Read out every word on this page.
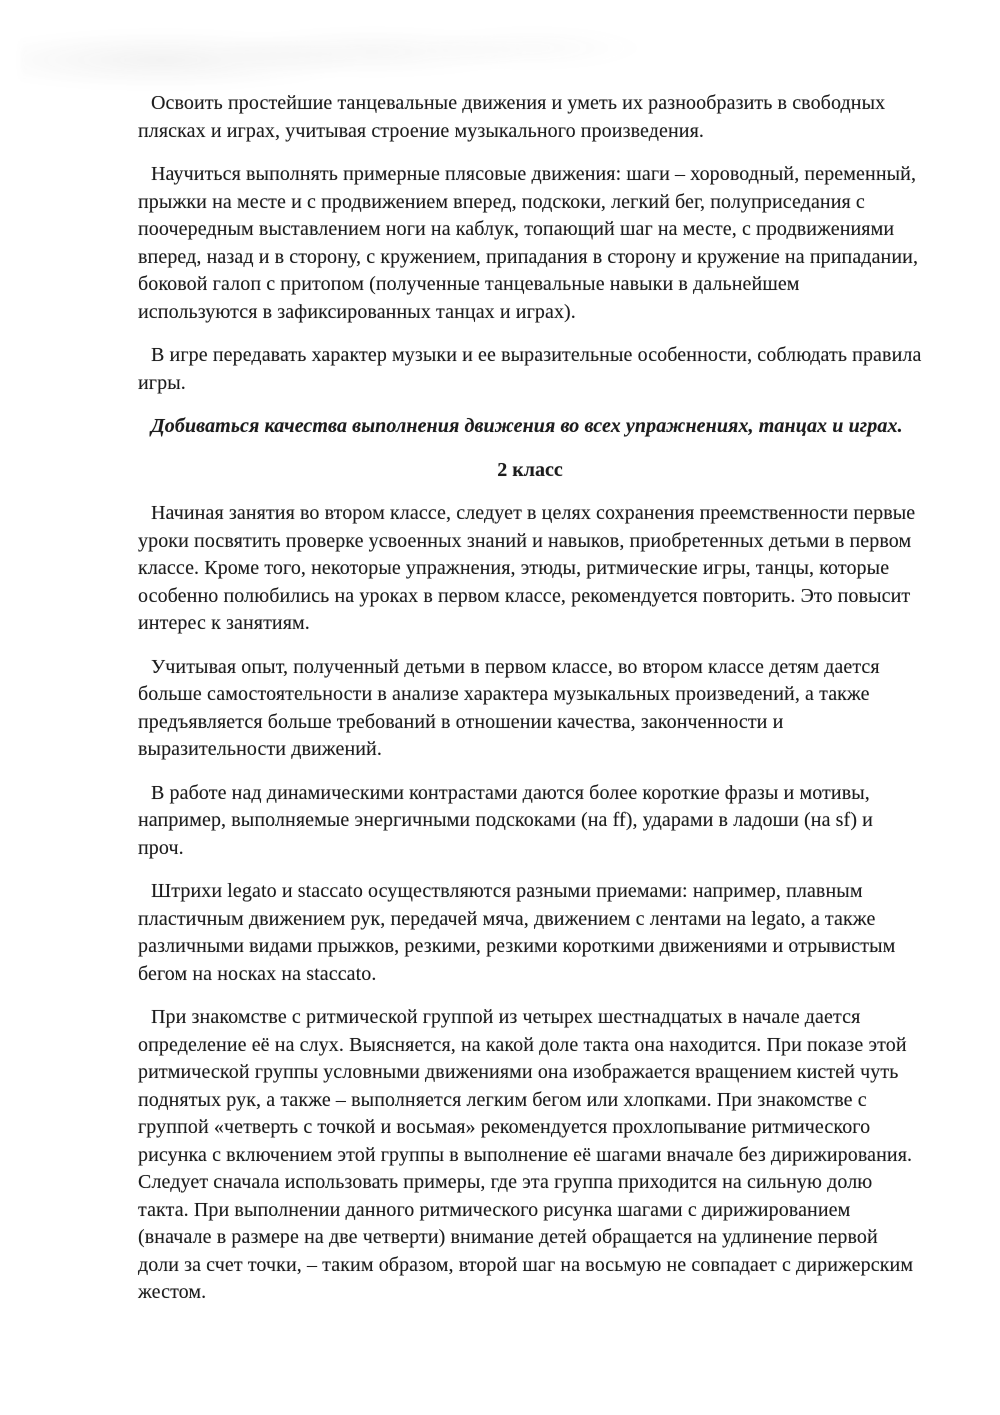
Освоить простейшие танцевальные движения и уметь их разнообразить в свободных плясках и играх, учитывая строение музыкального произведения.

Научиться выполнять примерные плясовые движения: шаги – хороводный, переменный, прыжки на месте и с продвижением вперед, подскоки, легкий бег, полуприседания с поочередным выставлением ноги на каблук, топающий шаг на месте, с продвижениями вперед, назад и в сторону, с кружением, припадания в сторону и кружение на припадании, боковой галоп с притопом (полученные танцевальные навыки в дальнейшем используются в зафиксированных танцах и играх).

В игре передавать характер музыки и ее выразительные особенности, соблюдать правила игры.

Добиваться качества выполнения движения во всех упражнениях, танцах и играх.

2 класс

Начиная занятия во втором классе, следует в целях сохранения преемственности первые уроки посвятить проверке усвоенных знаний и навыков, приобретенных детьми в первом классе. Кроме того, некоторые упражнения, этюды, ритмические игры, танцы, которые особенно полюбились на уроках в первом классе, рекомендуется повторить. Это повысит интерес к занятиям.

Учитывая опыт, полученный детьми в первом классе, во втором классе детям дается больше самостоятельности в анализе характера музыкальных произведений, а также предъявляется больше требований в отношении качества, законченности и выразительности движений.

В работе над динамическими контрастами даются более короткие фразы и мотивы, например, выполняемые энергичными подскоками (на ff), ударами в ладоши (на sf) и проч.

Штрихи legato и staccato осуществляются разными приемами: например, плавным пластичным движением рук, передачей мяча, движением с лентами на legato, а также различными видами прыжков, резкими, резкими короткими движениями и отрывистым бегом на носках на staccato.

При знакомстве с ритмической группой из четырех шестнадцатых в начале дается определение её на слух. Выясняется, на какой доле такта она находится. При показе этой ритмической группы условными движениями она изображается вращением кистей чуть поднятых рук, а также – выполняется легким бегом или хлопками. При знакомстве с группой «четверть с точкой и восьмая» рекомендуется прохлопывание ритмического рисунка с включением этой группы в выполнение её шагами вначале без дирижирования. Следует сначала использовать примеры, где эта группа приходится на сильную долю такта. При выполнении данного ритмического рисунка шагами с дирижированием (вначале в размере на две четверти) внимание детей обращается на удлинение первой доли за счет точки, – таким образом, второй шаг на восьмую не совпадает с дирижерским жестом.
